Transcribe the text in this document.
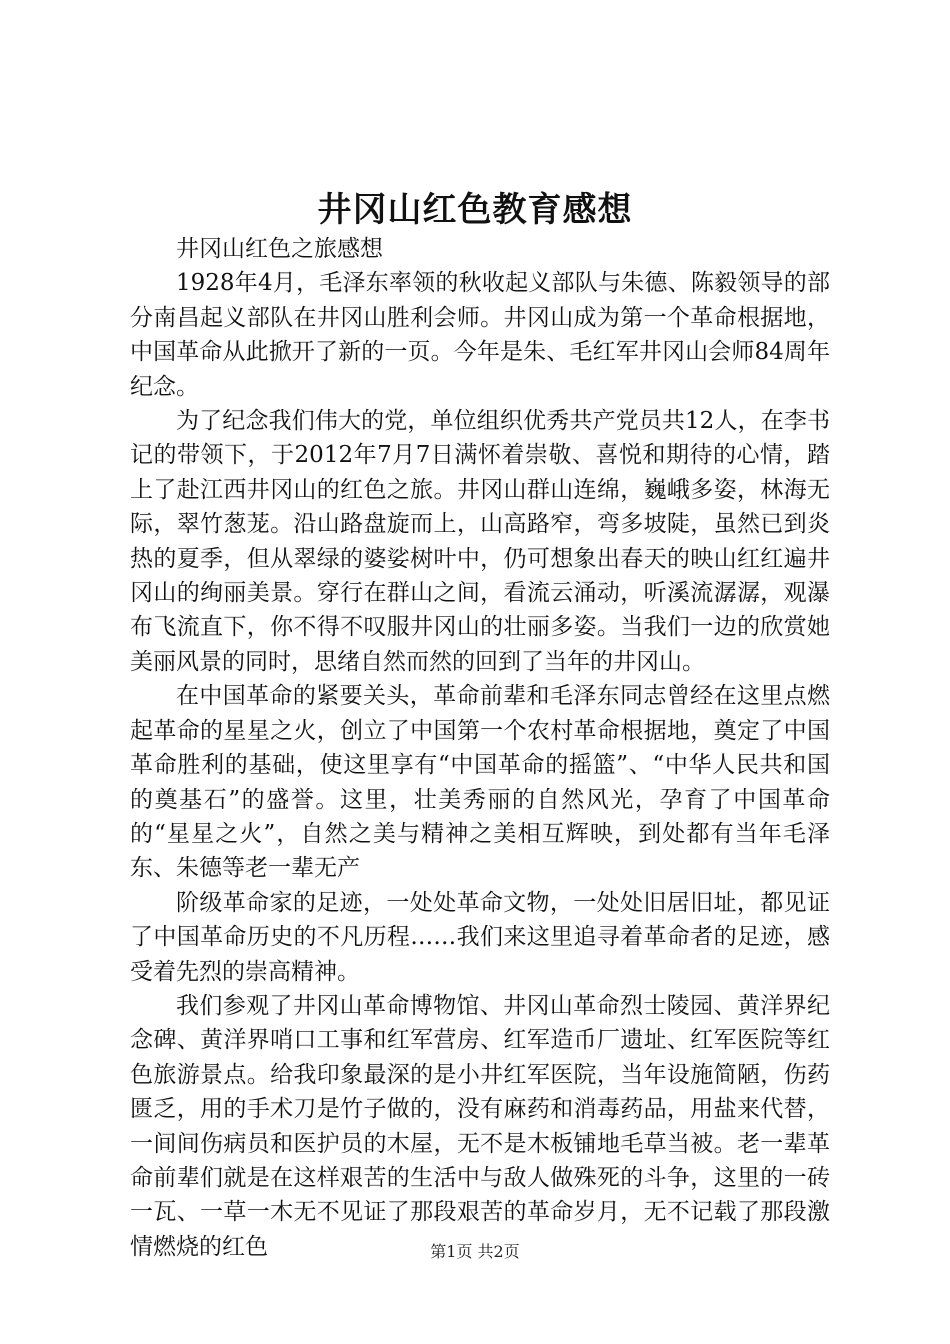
井冈山红色教育感想

井冈山红色之旅感想

1928年4月，毛泽东率领的秋收起义部队与朱德、陈毅领导的部分南昌起义部队在井冈山胜利会师。井冈山成为第一个革命根据地，中国革命从此掀开了新的一页。今年是朱、毛红军井冈山会师84周年纪念。

为了纪念我们伟大的党，单位组织优秀共产党员共12人，在李书记的带领下，于2012年7月7日满怀着崇敬、喜悦和期待的心情，踏上了赴江西井冈山的红色之旅。井冈山群山连绵，巍峨多姿，林海无际，翠竹葱茏。沿山路盘旋而上，山高路窄，弯多坡陡，虽然已到炎热的夏季，但从翠绿的婆娑树叶中，仍可想象出春天的映山红红遍井冈山的绚丽美景。穿行在群山之间，看流云涌动，听溪流潺潺，观瀑布飞流直下，你不得不叹服井冈山的壮丽多姿。当我们一边的欣赏她美丽风景的同时，思绪自然而然的回到了当年的井冈山。

在中国革命的紧要关头，革命前辈和毛泽东同志曾经在这里点燃起革命的星星之火，创立了中国第一个农村革命根据地，奠定了中国革命胜利的基础，使这里享有“中国革命的摇篮”、“中华人民共和国的奠基石”的盛誉。这里，壮美秀丽的自然风光，孕育了中国革命的“星星之火”，自然之美与精神之美相互辉映，到处都有当年毛泽东、朱德等老一辈无产

阶级革命家的足迹，一处处革命文物，一处处旧居旧址，都见证了中国革命历史的不凡历程……我们来这里追寻着革命者的足迹，感受着先烈的崇高精神。

我们参观了井冈山革命博物馆、井冈山革命烈士陵园、黄洋界纪念碑、黄洋界哨口工事和红军营房、红军造币厂遗址、红军医院等红色旅游景点。给我印象最深的是小井红军医院，当年设施简陋，伤药匮乏，用的手术刀是竹子做的，没有麻药和消毒药品，用盐来代替，一间间伤病员和医护员的木屋，无不是木板铺地毛草当被。老一辈革命前辈们就是在这样艰苦的生活中与敌人做殊死的斗争，这里的一砖一瓦、一草一木无不见证了那段艰苦的革命岁月，无不记载了那段激情燃烧的红色	第1页 共2页
